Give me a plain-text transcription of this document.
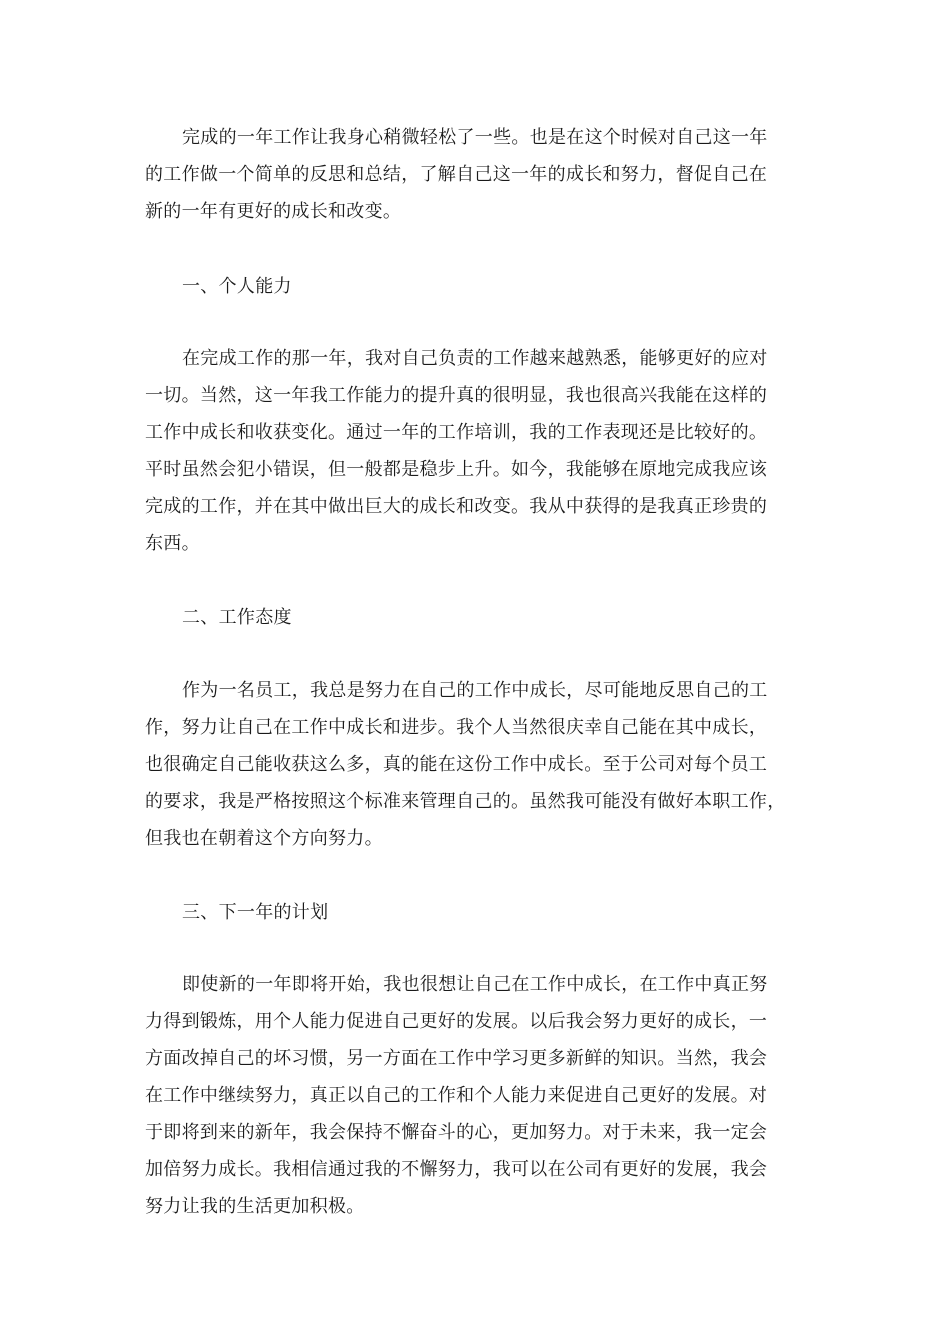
完成的一年工作让我身心稍微轻松了一些。也是在这个时候对自己这一年

的工作做一个简单的反思和总结，了解自己这一年的成长和努力，督促自己在

新的一年有更好的成长和改变。

一、个人能力

在完成工作的那一年，我对自己负责的工作越来越熟悉，能够更好的应对

一切。当然，这一年我工作能力的提升真的很明显，我也很高兴我能在这样的

工作中成长和收获变化。通过一年的工作培训，我的工作表现还是比较好的。

平时虽然会犯小错误，但一般都是稳步上升。如今，我能够在原地完成我应该

完成的工作，并在其中做出巨大的成长和改变。我从中获得的是我真正珍贵的

东西。

二、工作态度

作为一名员工，我总是努力在自己的工作中成长，尽可能地反思自己的工

作，努力让自己在工作中成长和进步。我个人当然很庆幸自己能在其中成长，

也很确定自己能收获这么多，真的能在这份工作中成长。至于公司对每个员工

的要求，我是严格按照这个标准来管理自己的。虽然我可能没有做好本职工作，

但我也在朝着这个方向努力。

三、下一年的计划

即使新的一年即将开始，我也很想让自己在工作中成长，在工作中真正努

力得到锻炼，用个人能力促进自己更好的发展。以后我会努力更好的成长，一

方面改掉自己的坏习惯，另一方面在工作中学习更多新鲜的知识。当然，我会

在工作中继续努力，真正以自己的工作和个人能力来促进自己更好的发展。对

于即将到来的新年，我会保持不懈奋斗的心，更加努力。对于未来，我一定会

加倍努力成长。我相信通过我的不懈努力，我可以在公司有更好的发展，我会

努力让我的生活更加积极。
